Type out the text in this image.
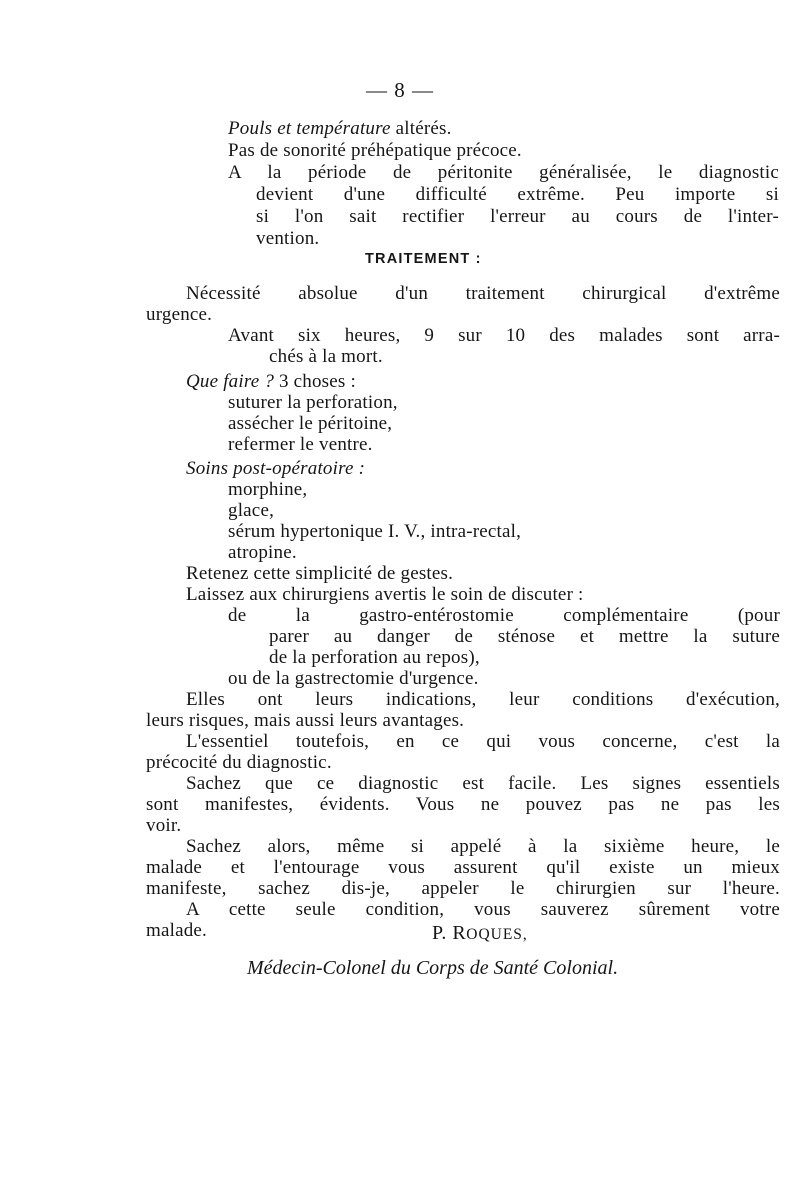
— 8 —
Pouls et température altérés.
Pas de sonorité préhépatique précoce.
A la période de péritonite généralisée, le diagnostic
devient d'une difficulté extrême. Peu importe si
si l'on sait rectifier l'erreur au cours de l'inter-
vention.
TRAITEMENT :
Nécessité absolue d'un traitement chirurgical d'extrême
urgence.
Avant six heures, 9 sur 10 des malades sont arra-
chés à la mort.
Que faire ? 3 choses :
suturer la perforation,
assécher le péritoine,
refermer le ventre.
Soins post-opératoire :
morphine,
glace,
sérum hypertonique I. V., intra-rectal,
atropine.
Retenez cette simplicité de gestes.
Laissez aux chirurgiens avertis le soin de discuter :
de la gastro-entérostomie complémentaire (pour
parer au danger de sténose et mettre la suture
de la perforation au repos),
ou de la gastrectomie d'urgence.
Elles ont leurs indications, leur conditions d'exécution,
leurs risques, mais aussi leurs avantages.
L'essentiel toutefois, en ce qui vous concerne, c'est la
précocité du diagnostic.
Sachez que ce diagnostic est facile. Les signes essentiels
sont manifestes, évidents. Vous ne pouvez pas ne pas les
voir.
Sachez alors, même si appelé à la sixième heure, le
malade et l'entourage vous assurent qu'il existe un mieux
manifeste, sachez dis-je, appeler le chirurgien sur l'heure.
A cette seule condition, vous sauverez sûrement votre
malade.	P. ROQUES,
Médecin-Colonel du Corps de Santé Colonial.
